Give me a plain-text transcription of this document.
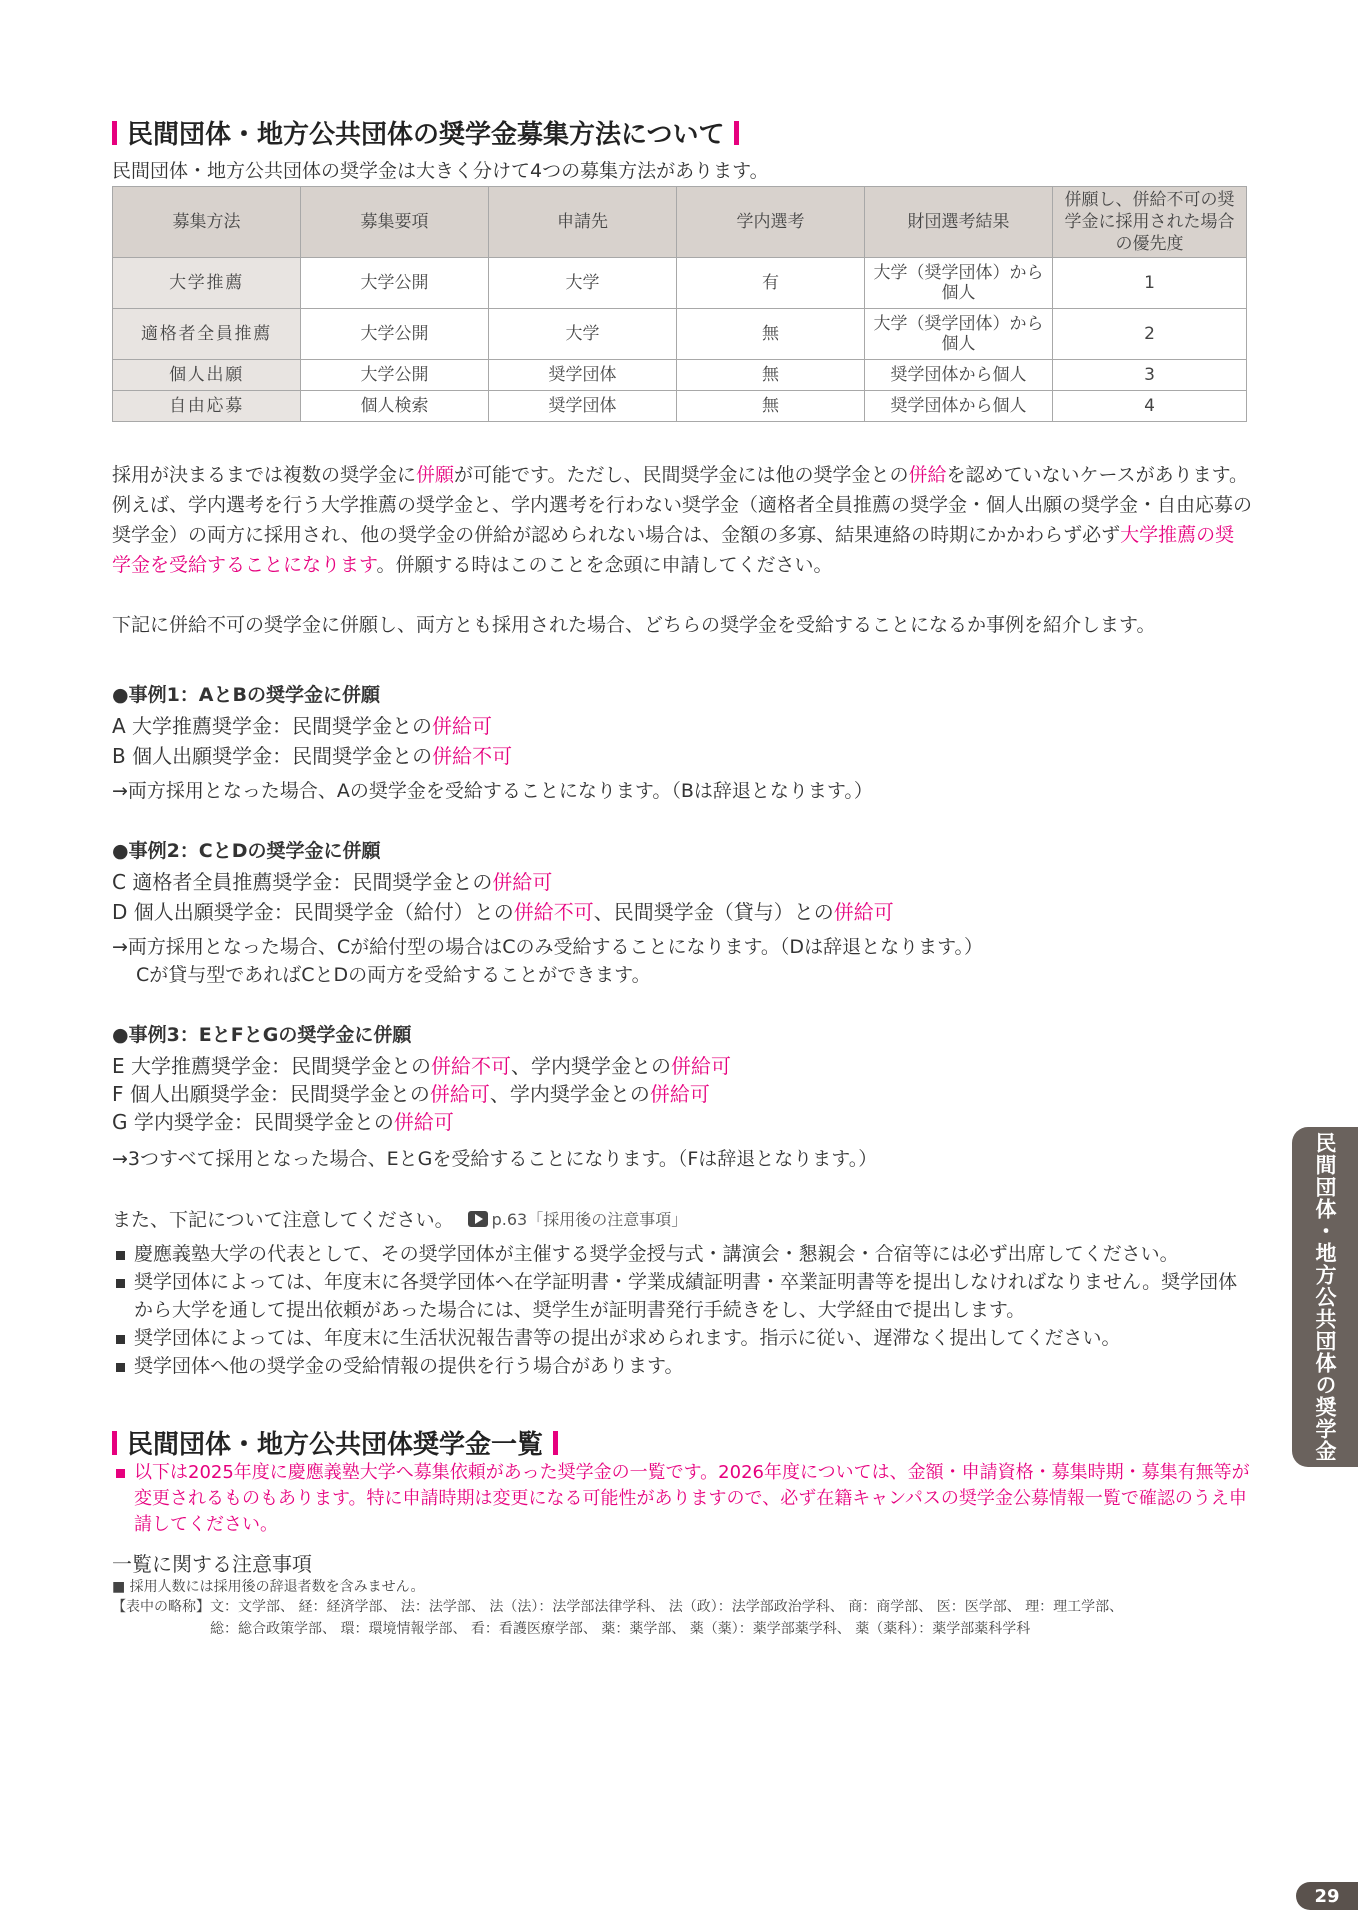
民間団体・地方公共団体の奨学金募集方法について
民間団体・地方公共団体の奨学金は大きく分けて4つの募集方法があります。
募集方法	募集要項	申請先	学内選考	財団選考結果	併願し、併給不可の奨学金に採用された場合の優先度
大学推薦	大学公開	大学	有	大学（奨学団体）から個人	1
適格者全員推薦	大学公開	大学	無	大学（奨学団体）から個人	2
個人出願	大学公開	奨学団体	無	奨学団体から個人	3
自由応募	個人検索	奨学団体	無	奨学団体から個人	4

採用が決まるまでは複数の奨学金に併願が可能です。ただし、民間奨学金には他の奨学金との併給を認めていないケースがあります。

例えば、学内選考を行う大学推薦の奨学金と、学内選考を行わない奨学金（適格者全員推薦の奨学金・個人出願の奨学金・自由応募の奨学金）の両方に採用され、他の奨学金の併給が認められない場合は、金額の多寡、結果連絡の時期にかかわらず必ず大学推薦の奨学金を受給することになります。併願する時はこのことを念頭に申請してください。

下記に併給不可の奨学金に併願し、両方とも採用された場合、どちらの奨学金を受給することになるか事例を紹介します。

●事例1：AとBの奨学金に併願
A 大学推薦奨学金：民間奨学金との併給可
B 個人出願奨学金：民間奨学金との併給不可
→両方採用となった場合、Aの奨学金を受給することになります。（Bは辞退となります。）
●事例2：CとDの奨学金に併願
C 適格者全員推薦奨学金：民間奨学金との併給可
D 個人出願奨学金：民間奨学金（給付）との併給不可、民間奨学金（貸与）との併給可
→両方採用となった場合、Cが給付型の場合はCのみ受給することになります。（Dは辞退となります。）
Cが貸与型であればCとDの両方を受給することができます。
●事例3：EとFとGの奨学金に併願
E 大学推薦奨学金：民間奨学金との併給不可、学内奨学金との併給可
F 個人出願奨学金：民間奨学金との併給可、学内奨学金との併給可
G 学内奨学金：民間奨学金との併給可
→3つすべて採用となった場合、EとGを受給することになります。（Fは辞退となります。）
また、下記について注意してください。 p.63「採用後の注意事項」
慶應義塾大学の代表として、その奨学団体が主催する奨学金授与式・講演会・懇親会・合宿等には必ず出席してください。
奨学団体によっては、年度末に各奨学団体へ在学証明書・学業成績証明書・卒業証明書等を提出しなければなりません。奨学団体から大学を通して提出依頼があった場合には、奨学生が証明書発行手続きをし、大学経由で提出します。
奨学団体によっては、年度末に生活状況報告書等の提出が求められます。指示に従い、遅滞なく提出してください。
奨学団体へ他の奨学金の受給情報の提供を行う場合があります。
民間団体・地方公共団体奨学金一覧
以下は2025年度に慶應義塾大学へ募集依頼があった奨学金の一覧です。2026年度については、金額・申請資格・募集時期・募集有無等が変更されるものもあります。特に申請時期は変更になる可能性がありますので、必ず在籍キャンパスの奨学金公募情報一覧で確認のうえ申請してください。
一覧に関する注意事項
■ 採用人数には採用後の辞退者数を含みません。
【表中の略称】 文：文学部、 経：経済学部、 法：法学部、 法（法）：法学部法律学科、 法（政）：法学部政治学科、 商：商学部、 医：医学部、 理：理工学部、
総：総合政策学部、 環：環境情報学部、 看：看護医療学部、 薬：薬学部、 薬（薬）：薬学部薬学科、 薬（薬科）：薬学部薬科学科
民間団体・地方公共団体の奨学金
29
